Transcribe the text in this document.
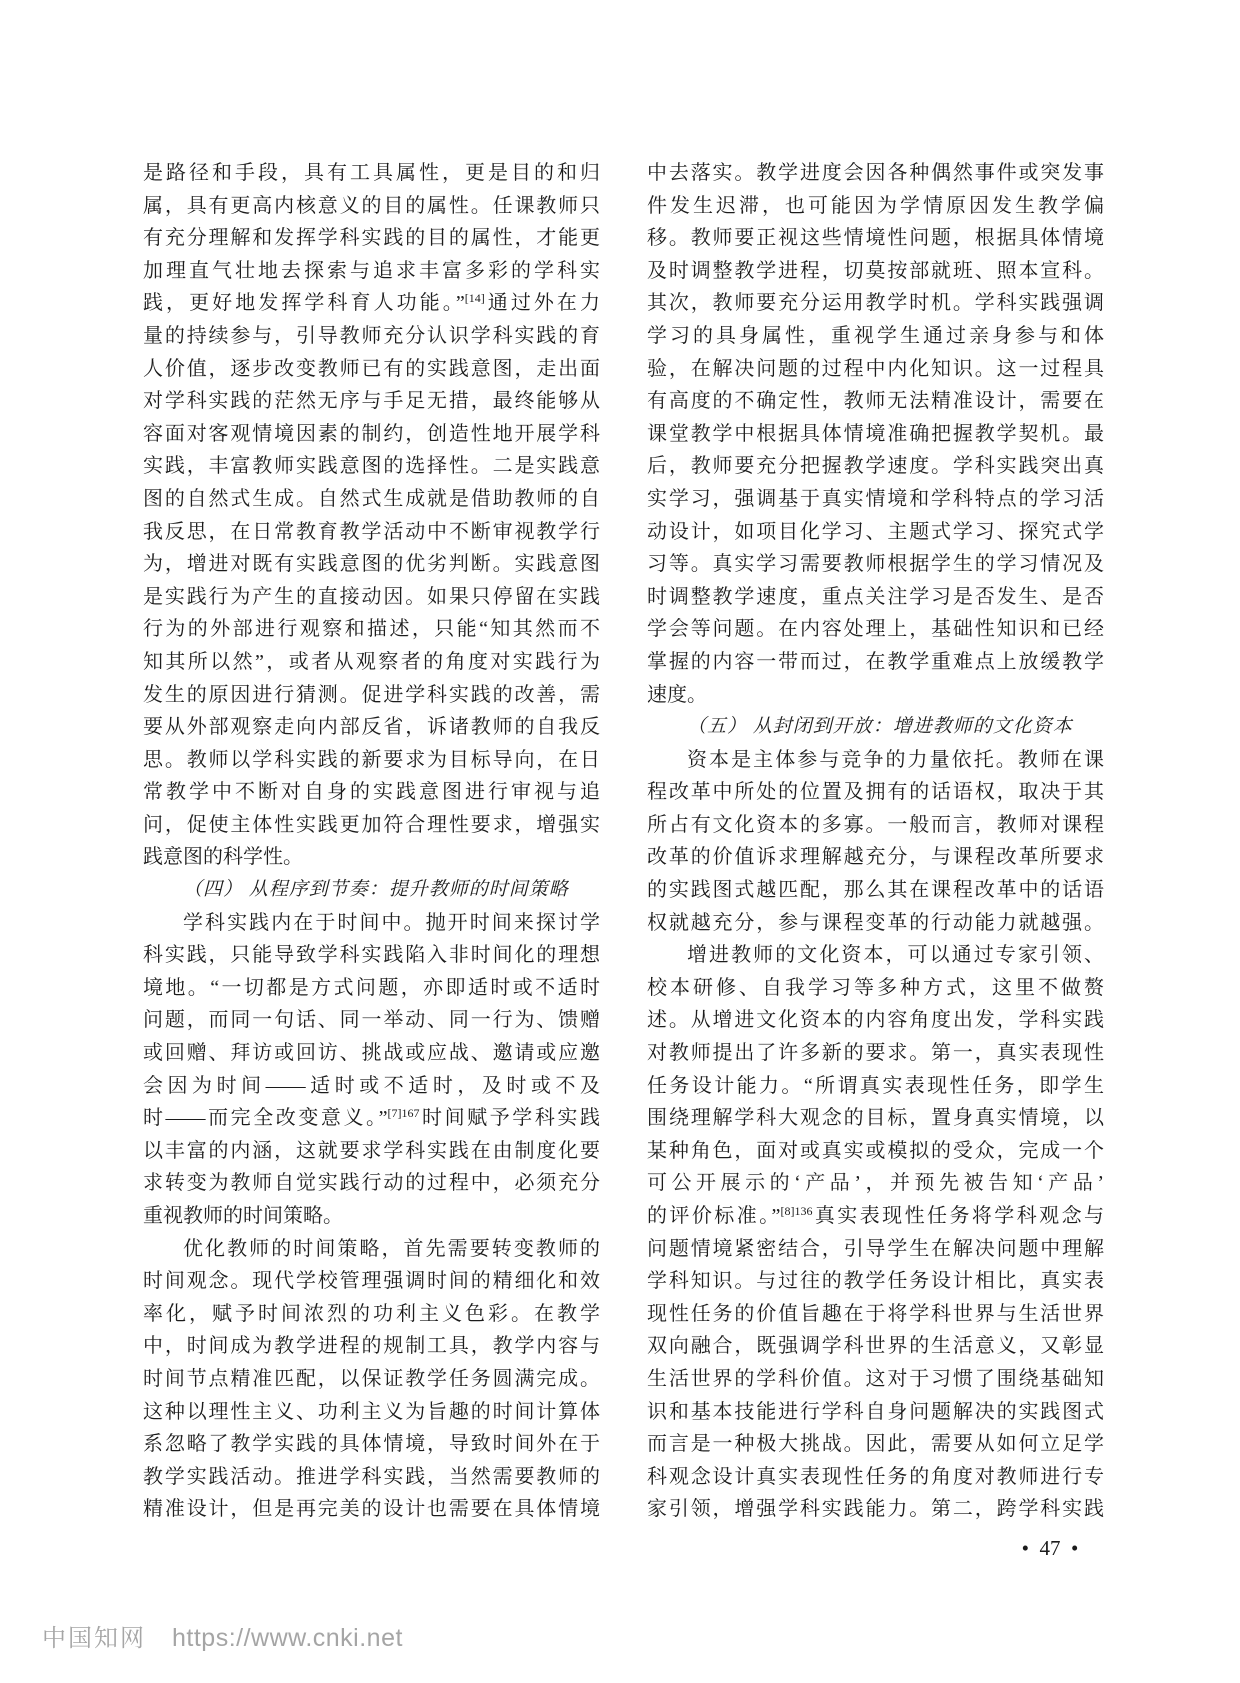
是路径和手段，具有工具属性，更是目的和归
属，具有更高内核意义的目的属性。任课教师只
有充分理解和发挥学科实践的目的属性，才能更
加理直气壮地去探索与追求丰富多彩的学科实
践，更好地发挥学科育人功能。”[14]通过外在力
量的持续参与，引导教师充分认识学科实践的育
人价值，逐步改变教师已有的实践意图，走出面
对学科实践的茫然无序与手足无措，最终能够从
容面对客观情境因素的制约，创造性地开展学科
实践，丰富教师实践意图的选择性。二是实践意
图的自然式生成。自然式生成就是借助教师的自
我反思，在日常教育教学活动中不断审视教学行
为，增进对既有实践意图的优劣判断。实践意图
是实践行为产生的直接动因。如果只停留在实践
行为的外部进行观察和描述，只能“知其然而不
知其所以然”，或者从观察者的角度对实践行为
发生的原因进行猜测。促进学科实践的改善，需
要从外部观察走向内部反省，诉诸教师的自我反
思。教师以学科实践的新要求为目标导向，在日
常教学中不断对自身的实践意图进行审视与追
问，促使主体性实践更加符合理性要求，增强实
践意图的科学性。
（四） 从程序到节奏：提升教师的时间策略
学科实践内在于时间中。抛开时间来探讨学
科实践，只能导致学科实践陷入非时间化的理想
境地。“一切都是方式问题，亦即适时或不适时
问题，而同一句话、同一举动、同一行为、馈赠
或回赠、拜访或回访、挑战或应战、邀请或应邀
会因为时间——适时或不适时，及时或不及
时——而完全改变意义。”$^{[7]167}$时间赋予学科实践
以丰富的内涵，这就要求学科实践在由制度化要
求转变为教师自觉实践行动的过程中，必须充分
重视教师的时间策略。
优化教师的时间策略，首先需要转变教师的
时间观念。现代学校管理强调时间的精细化和效
率化，赋予时间浓烈的功利主义色彩。在教学
中，时间成为教学进程的规制工具，教学内容与
时间节点精准匹配，以保证教学任务圆满完成。
这种以理性主义、功利主义为旨趣的时间计算体
系忽略了教学实践的具体情境，导致时间外在于
教学实践活动。推进学科实践，当然需要教师的
精准设计，但是再完美的设计也需要在具体情境
中去落实。教学进度会因各种偶然事件或突发事
件发生迟滞，也可能因为学情原因发生教学偏
移。教师要正视这些情境性问题，根据具体情境
及时调整教学进程，切莫按部就班、照本宣科。
其次，教师要充分运用教学时机。学科实践强调
学习的具身属性，重视学生通过亲身参与和体
验，在解决问题的过程中内化知识。这一过程具
有高度的不确定性，教师无法精准设计，需要在
课堂教学中根据具体情境准确把握教学契机。最
后，教师要充分把握教学速度。学科实践突出真
实学习，强调基于真实情境和学科特点的学习活
动设计，如项目化学习、主题式学习、探究式学
习等。真实学习需要教师根据学生的学习情况及
时调整教学速度，重点关注学习是否发生、是否
学会等问题。在内容处理上，基础性知识和已经
掌握的内容一带而过，在教学重难点上放缓教学
速度。
（五） 从封闭到开放：增进教师的文化资本
资本是主体参与竞争的力量依托。教师在课
程改革中所处的位置及拥有的话语权，取决于其
所占有文化资本的多寡。一般而言，教师对课程
改革的价值诉求理解越充分，与课程改革所要求
的实践图式越匹配，那么其在课程改革中的话语
权就越充分，参与课程变革的行动能力就越强。
增进教师的文化资本，可以通过专家引领、
校本研修、自我学习等多种方式，这里不做赘
述。从增进文化资本的内容角度出发，学科实践
对教师提出了许多新的要求。第一，真实表现性
任务设计能力。“所谓真实表现性任务，即学生
围绕理解学科大观念的目标，置身真实情境，以
某种角色，面对或真实或模拟的受众，完成一个
可公开展示的‘产品’，并预先被告知‘产品’
的评价标准。”$^{[8]136}$真实表现性任务将学科观念与
问题情境紧密结合，引导学生在解决问题中理解
学科知识。与过往的教学任务设计相比，真实表
现性任务的价值旨趣在于将学科世界与生活世界
双向融合，既强调学科世界的生活意义，又彰显
生活世界的学科价值。这对于习惯了围绕基础知
识和基本技能进行学科自身问题解决的实践图式
而言是一种极大挑战。因此，需要从如何立足学
科观念设计真实表现性任务的角度对教师进行专
家引领，增强学科实践能力。第二，跨学科实践
•  47  •
中国知网 https://www.cnki.net
